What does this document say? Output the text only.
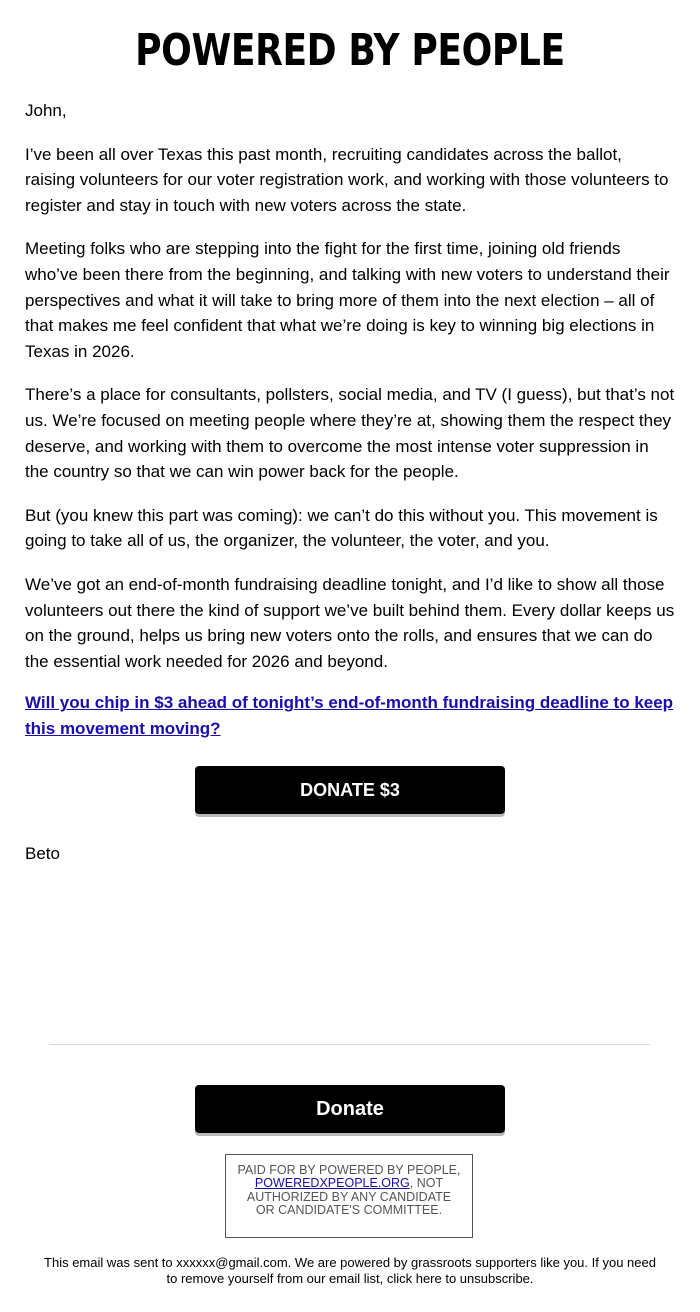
POWERED BY PEOPLE

John,

I’ve been all over Texas this past month, recruiting candidates across the ballot, raising volunteers for our voter registration work, and working with those volunteers to register and stay in touch with new voters across the state.

Meeting folks who are stepping into the fight for the first time, joining old friends who’ve been there from the beginning, and talking with new voters to understand their perspectives and what it will take to bring more of them into the next election – all of that makes me feel confident that what we’re doing is key to winning big elections in Texas in 2026.

There’s a place for consultants, pollsters, social media, and TV (I guess), but that’s not us. We’re focused on meeting people where they’re at, showing them the respect they deserve, and working with them to overcome the most intense voter suppression in the country so that we can win power back for the people.

But (you knew this part was coming): we can’t do this without you. This movement is going to take all of us, the organizer, the volunteer, the voter, and you.

We’ve got an end-of-month fundraising deadline tonight, and I’d like to show all those volunteers out there the kind of support we’ve built behind them. Every dollar keeps us on the ground, helps us bring new voters onto the rolls, and ensures that we can do the essential work needed for 2026 and beyond.

Will you chip in $3 ahead of tonight’s end-of-month fundraising deadline to keep this movement moving?
DONATE $3

Beto

Donate
PAID FOR BY POWERED BY PEOPLE, POWEREDXPEOPLE.ORG, NOT AUTHORIZED BY ANY CANDIDATE OR CANDIDATE'S COMMITTEE.
This email was sent to xxxxxx@gmail.com. We are powered by grassroots supporters like you. If you need to remove yourself from our email list, click here to unsubscribe.
